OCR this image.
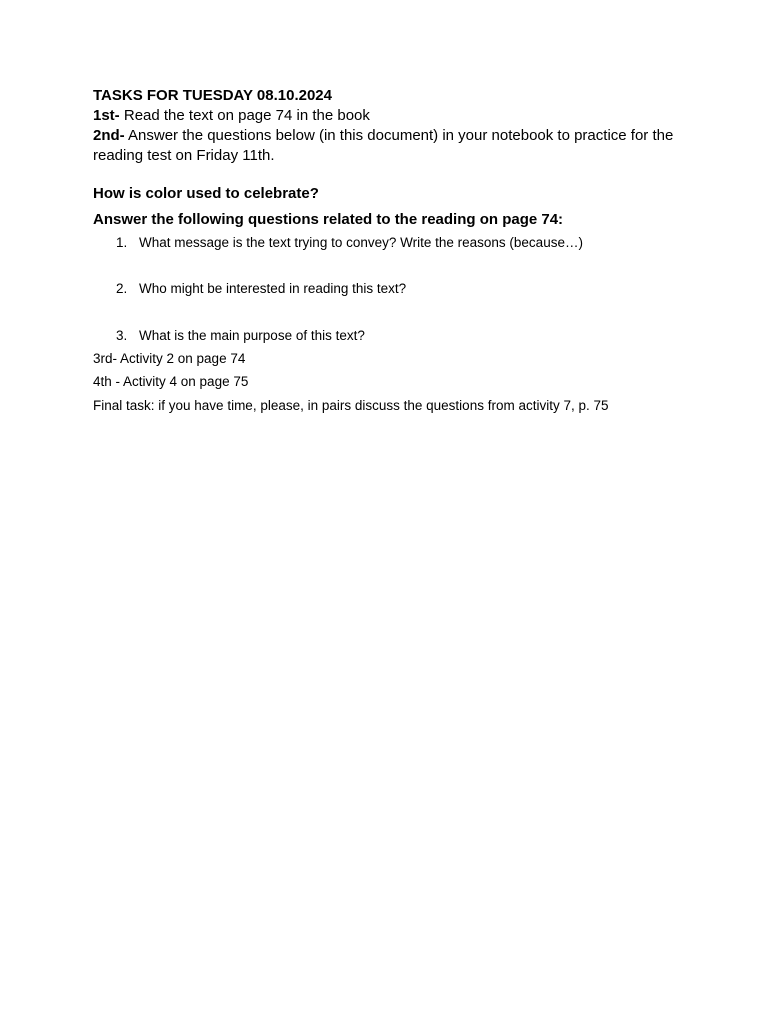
TASKS FOR TUESDAY 08.10.2024

1st- Read the text on page 74 in the book

2nd- Answer the questions below (in this document) in your notebook to practice for the reading test on Friday 11th.

How is color used to celebrate?

Answer the following questions related to the reading on page 74:

1. What message is the text trying to convey? Write the reasons (because…)
2. Who might be interested in reading this text?
3. What is the main purpose of this text?

3rd- Activity 2 on page 74

4th - Activity 4 on page 75

Final task: if you have time, please, in pairs discuss the questions from activity 7, p. 75
